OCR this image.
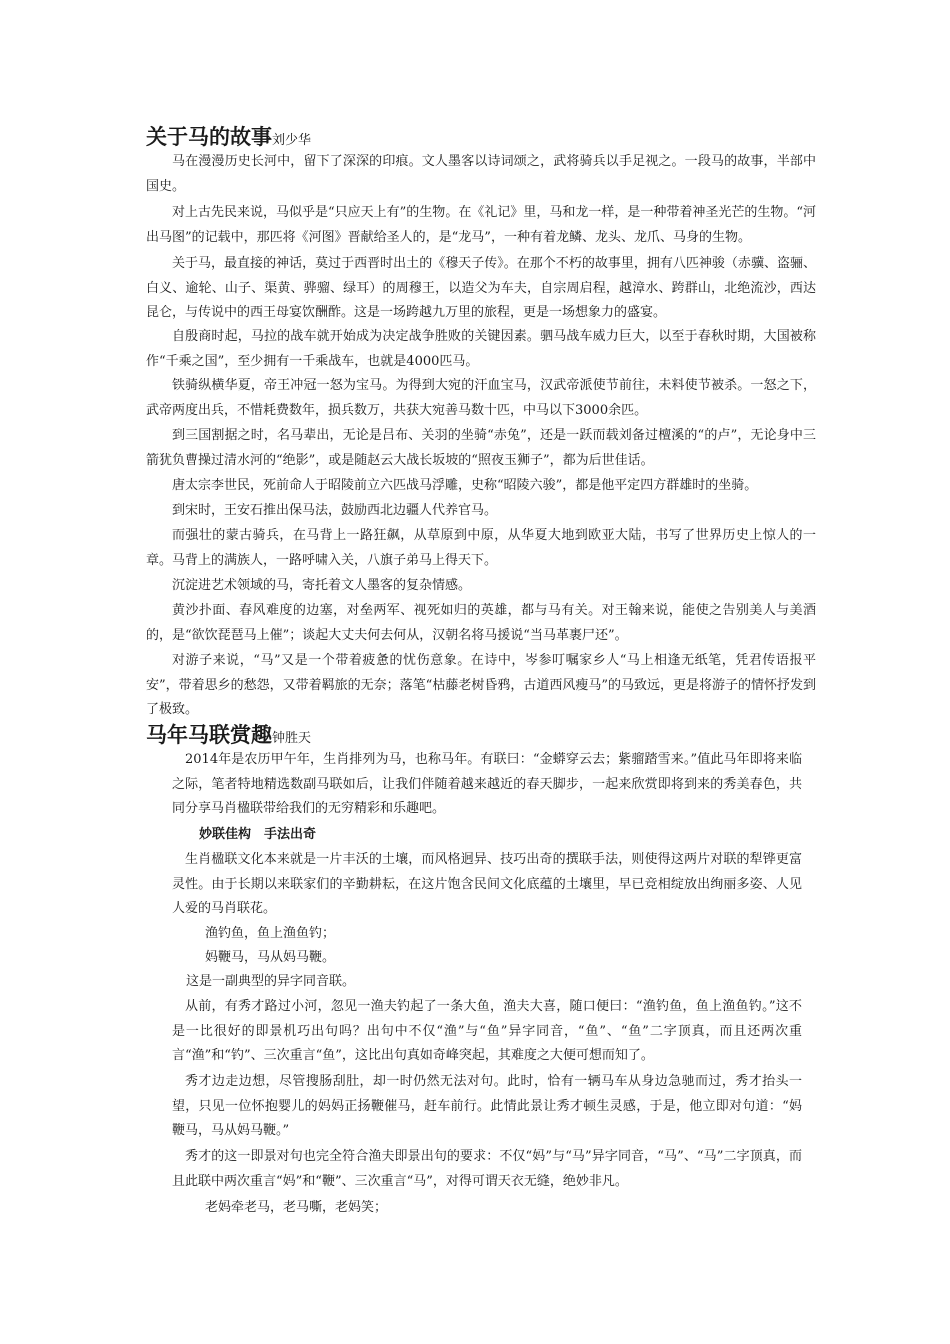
关于马的故事刘少华

马在漫漫历史长河中，留下了深深的印痕。文人墨客以诗词颂之，武将骑兵以手足视之。一段马的故事，半部中国史。

对上古先民来说，马似乎是“只应天上有”的生物。在《礼记》里，马和龙一样，是一种带着神圣光芒的生物。“河出马图”的记载中，那匹将《河图》晋献给圣人的，是“龙马”，一种有着龙鳞、龙头、龙爪、马身的生物。

关于马，最直接的神话，莫过于西晋时出土的《穆天子传》。在那个不朽的故事里，拥有八匹神骏（赤骥、盗骊、白义、逾轮、山子、渠黄、骅骝、绿耳）的周穆王，以造父为车夫，自宗周启程，越漳水、跨群山，北绝流沙，西达昆仑，与传说中的西王母宴饮酬酢。这是一场跨越九万里的旅程，更是一场想象力的盛宴。

自殷商时起，马拉的战车就开始成为决定战争胜败的关键因素。驷马战车威力巨大，以至于春秋时期，大国被称作“千乘之国”，至少拥有一千乘战车，也就是4000匹马。

铁骑纵横华夏，帝王冲冠一怒为宝马。为得到大宛的汗血宝马，汉武帝派使节前往，未料使节被杀。一怒之下，武帝两度出兵，不惜耗费数年，损兵数万，共获大宛善马数十匹，中马以下3000余匹。

到三国割据之时，名马辈出，无论是吕布、关羽的坐骑“赤兔”，还是一跃而载刘备过檀溪的“的卢”，无论身中三箭犹负曹操过清水河的“绝影”，或是随赵云大战长坂坡的“照夜玉狮子”，都为后世佳话。

唐太宗李世民，死前命人于昭陵前立六匹战马浮雕，史称“昭陵六骏”，都是他平定四方群雄时的坐骑。

到宋时，王安石推出保马法，鼓励西北边疆人代养官马。

而强壮的蒙古骑兵，在马背上一路狂飙，从草原到中原，从华夏大地到欧亚大陆，书写了世界历史上惊人的一章。 马背上的满族人，一路呼啸入关，八旗子弟马上得天下。

沉淀进艺术领域的马，寄托着文人墨客的复杂情感。

黄沙扑面、春风难度的边塞，对垒两军、视死如归的英雄，都与马有关。对王翰来说，能使之告别美人与美酒的，是“欲饮琵琶马上催”；谈起大丈夫何去何从，汉朝名将马援说“当马革裹尸还”。

对游子来说，“马”又是一个带着疲惫的忧伤意象。在诗中，岑参叮嘱家乡人“马上相逢无纸笔，凭君传语报平安”，带着思乡的愁怨，又带着羁旅的无奈；落笔“枯藤老树昏鸦，古道西风瘦马”的马致远，更是将游子的情怀抒发到了极致。

马年马联赏趣钟胜天

2014年是农历甲午年，生肖排列为马，也称马年。有联曰：“金蟒穿云去；紫骝踏雪来。”值此马年即将来临之际，笔者特地精选数副马联如后，让我们伴随着越来越近的春天脚步，一起来欣赏即将到来的秀美春色，共同分享马肖楹联带给我们的无穷精彩和乐趣吧。

妙联佳构　手法出奇

生肖楹联文化本来就是一片丰沃的土壤，而风格迥异、技巧出奇的撰联手法，则使得这两片对联的犁铧更富灵性。由于长期以来联家们的辛勤耕耘，在这片饱含民间文化底蕴的土壤里，早已竞相绽放出绚丽多姿、人见人爱的马肖联花。

渔钓鱼，鱼上渔鱼钓；
妈鞭马，马从妈马鞭。
这是一副典型的异字同音联。

从前，有秀才路过小河，忽见一渔夫钓起了一条大鱼，渔夫大喜，随口便曰：“渔钓鱼，鱼上渔鱼钓。”这不是一比很好的即景机巧出句吗？出句中不仅“渔”与“鱼”异字同音，“鱼”、“鱼”二字顶真，而且还两次重言“渔”和“钓”、三次重言“鱼”，这比出句真如奇峰突起，其难度之大便可想而知了。

秀才边走边想，尽管搜肠刮肚，却一时仍然无法对句。此时，恰有一辆马车从身边急驰而过，秀才抬头一望，只见一位怀抱婴儿的妈妈正扬鞭催马，赶车前行。此情此景让秀才顿生灵感，于是，他立即对句道：“妈鞭马，马从妈马鞭。”

秀才的这一即景对句也完全符合渔夫即景出句的要求：不仅“妈”与“马”异字同音，“马”、“马”二字顶真，而且此联中两次重言“妈”和“鞭”、三次重言“马”，对得可谓天衣无缝，绝妙非凡。

老妈牵老马，老马嘶，老妈笑；
